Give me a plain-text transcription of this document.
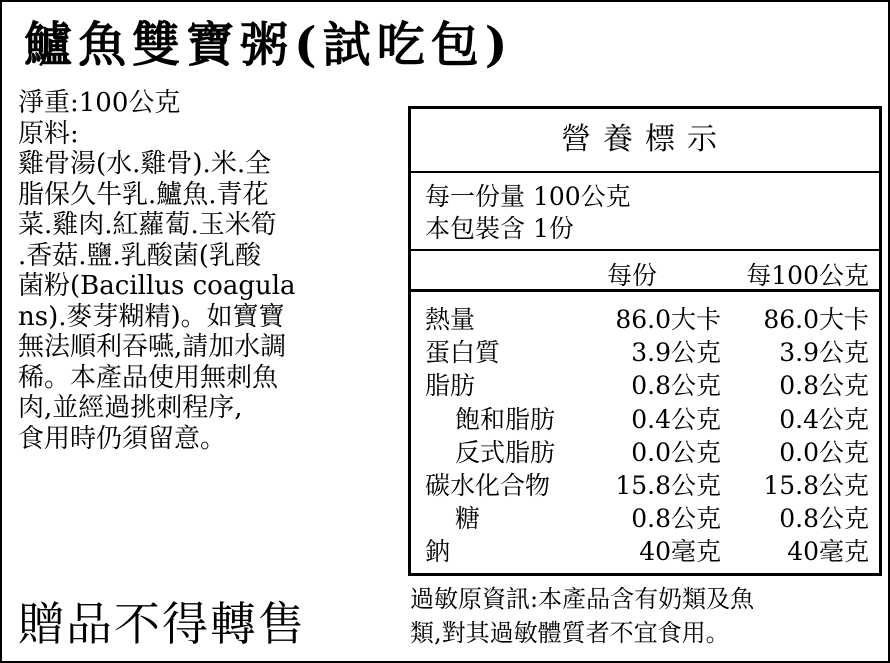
鱸魚雙寶粥(試吃包)
淨重:100公克
原料:
雞骨湯(水.雞骨).米.全
脂保久牛乳.鱸魚.青花
菜.雞肉.紅蘿蔔.玉米筍
.香菇.鹽.乳酸菌(乳酸
菌粉(Bacillus coagula
ns).麥芽糊精)。如寶寶
無法順利吞嚥,請加水調
稀。本產品使用無刺魚
肉,並經過挑刺程序,
食用時仍須留意。
贈品不得轉售
營養標示
每一份量 100公克
本包裝含 1份
每份	每100公克
熱量	86.0大卡 86.0大卡
蛋白質	3.9公克 3.9公克
脂肪	0.8公克 0.8公克
飽和脂肪	0.4公克 0.4公克
反式脂肪	0.0公克 0.0公克
碳水化合物	15.8公克 15.8公克
糖	0.8公克 0.8公克
鈉	40毫克	40毫克
過敏原資訊:本產品含有奶類及魚
類,對其過敏體質者不宜食用。
